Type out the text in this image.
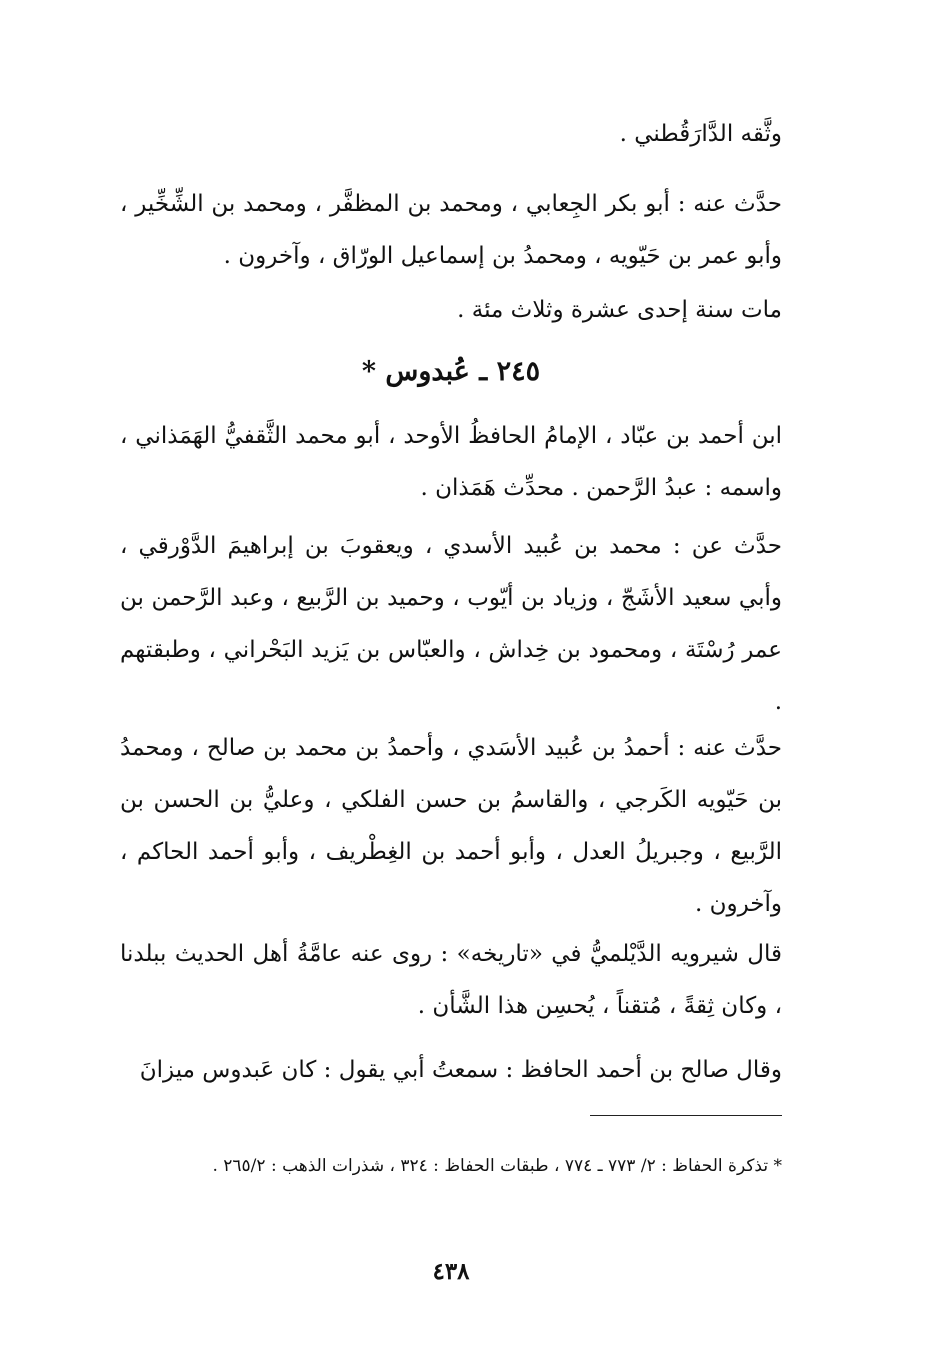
وثَّقه الدَّارَقُطني .

حدَّث عنه : أبو بكر الجِعابي ، ومحمد بن المظفَّر ، ومحمد بن الشِّخِّير ، وأبو عمر بن حَيّويه ، ومحمدُ بن إسماعيل الورّاق ، وآخرون .

مات سنة إحدى عشرة وثلاث مئة .

٢٤٥ ـ عُبدوس *

ابن أحمد بن عبّاد ، الإمامُ الحافظُ الأوحد ، أبو محمد الثَّقفيُّ الهَمَذاني ، واسمه : عبدُ الرَّحمن . محدِّث هَمَذان .

حدَّث عن : محمد بن عُبيد الأسدي ، ويعقوبَ بن إبراهيمَ الدَّوْرقي ، وأبي سعيد الأشَجّ ، وزياد بن أيّوب ، وحميد بن الرَّبيع ، وعبد الرَّحمن بن عمر رُسْتَة ، ومحمود بن خِداش ، والعبّاس بن يَزيد البَحْراني ، وطبقتهم .

حدَّث عنه : أحمدُ بن عُبيد الأسَدي ، وأحمدُ بن محمد بن صالح ، ومحمدُ بن حَيّويه الكَرجي ، والقاسمُ بن حسن الفلكي ، وعليُّ بن الحسن بن الرَّبيع ، وجبريلُ العدل ، وأبو أحمد بن الغِطْريف ، وأبو أحمد الحاكم ، وآخرون .

قال شيرويه الدَّيْلميُّ في «تاريخه» : روى عنه عامَّةُ أهل الحديث ببلدنا ، وكان ثِقةً ، مُتقناً ، يُحسِن هذا الشَّأن .

وقال صالح بن أحمد الحافظ : سمعتُ أبي يقول : كان عَبدوس ميزانَ

* تذكرة الحفاظ : ٢/ ٧٧٣ ـ ٧٧٤ ، طبقات الحفاظ : ٣٢٤ ، شذرات الذهب : ٢٦٥/٢ .

٤٣٨
